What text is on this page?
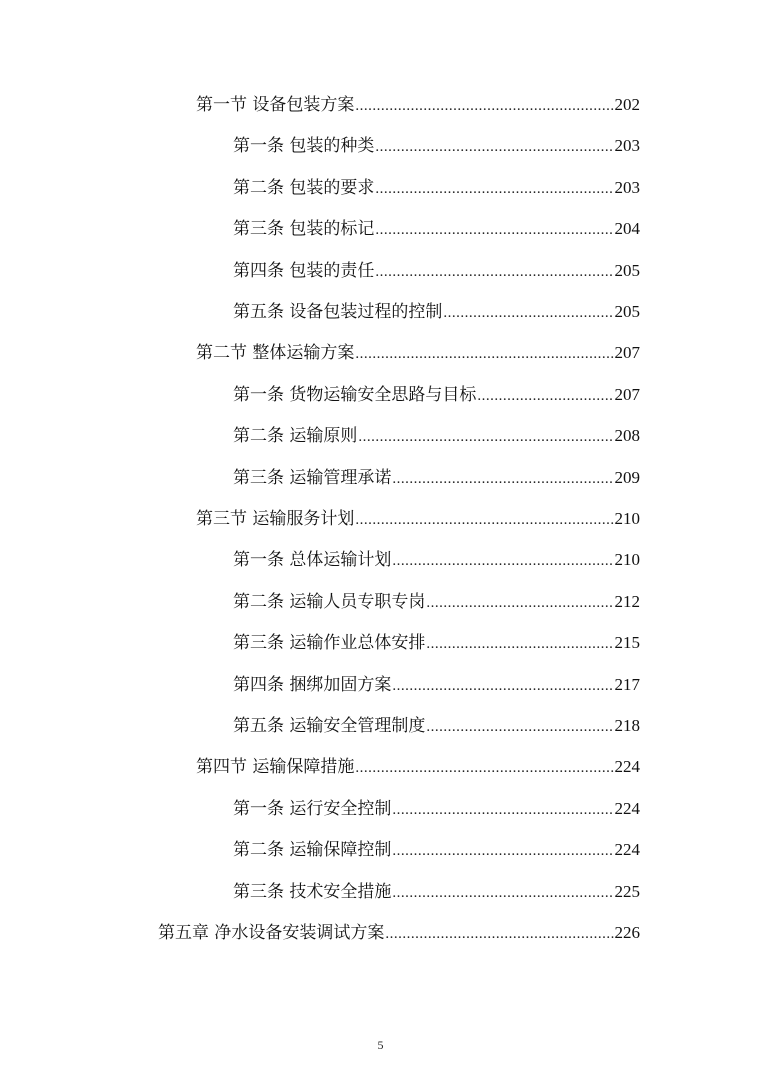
第一节 设备包装方案 .....	202
第一条 包装的种类 .....	203
第二条 包装的要求 .....	203
第三条 包装的标记 .....	204
第四条 包装的责任 .....	205
第五条 设备包装过程的控制 .....	205
第二节 整体运输方案 .....	207
第一条 货物运输安全思路与目标 .....	207
第二条 运输原则 .....	208
第三条 运输管理承诺 .....	209
第三节 运输服务计划 .....	210
第一条 总体运输计划 .....	210
第二条 运输人员专职专岗 .....	212
第三条 运输作业总体安排 .....	215
第四条 捆绑加固方案 .....	217
第五条 运输安全管理制度 .....	218
第四节 运输保障措施 .....	224
第一条 运行安全控制 .....	224
第二条 运输保障控制 .....	224
第三条 技术安全措施 .....	225
第五章 净水设备安装调试方案 .....	226
5
